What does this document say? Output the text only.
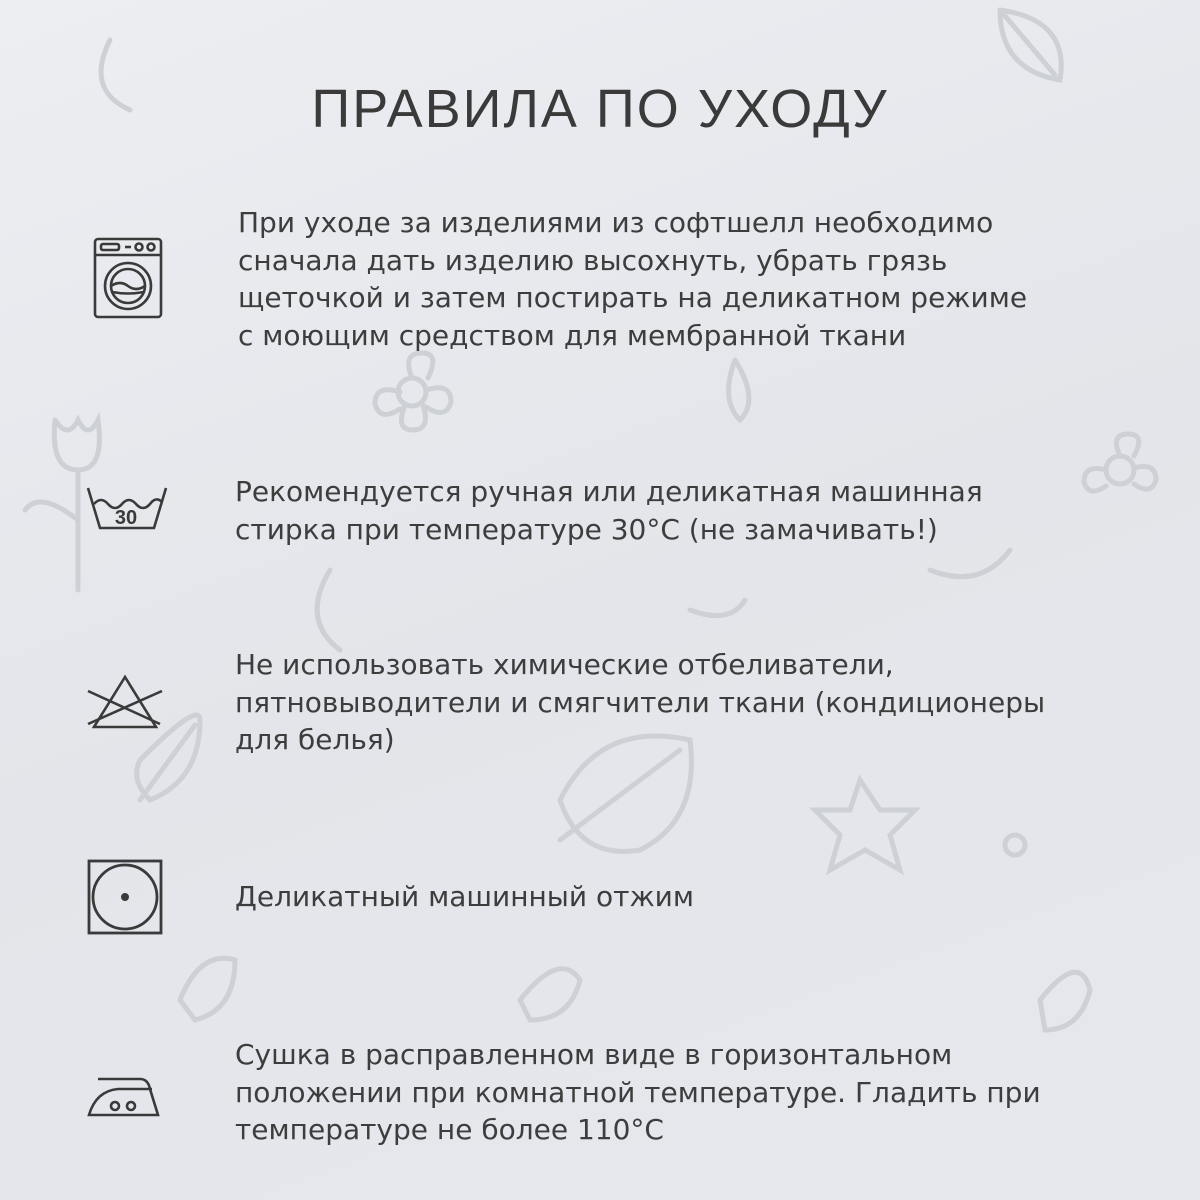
ПРАВИЛА ПО УХОДУ
При уходе за изделиями из софтшелл необходимо
сначала дать изделию высохнуть, убрать грязь
щеточкой и затем постирать на деликатном режиме
с моющим средством для мембранной ткани
30
Рекомендуется ручная или деликатная машинная
стирка при температуре 30°С (не замачивать!)
Не использовать химические отбеливатели,
пятновыводители и смягчители ткани (кондиционеры
для белья)
Деликатный машинный отжим
Сушка в расправленном виде в горизонтальном
положении при комнатной температуре. Гладить при
температуре не более 110°С
